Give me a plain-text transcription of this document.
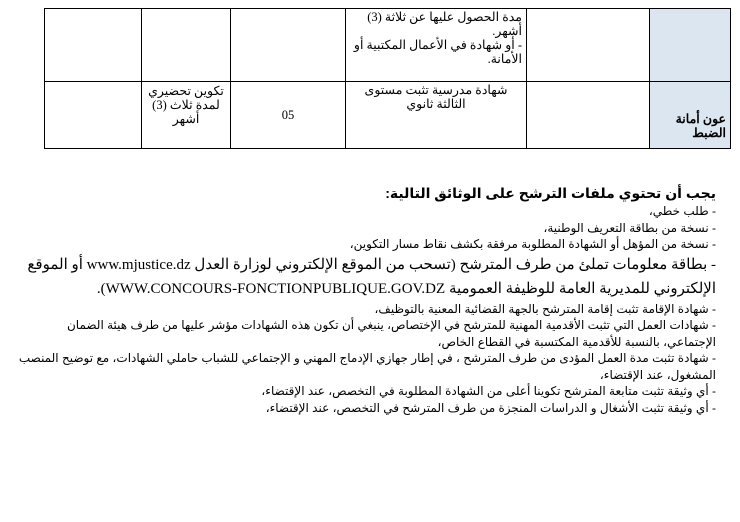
		مدة الحصول عليها عن ثلاثة (3) أشهر.
- أو شهادة في الأعمال المكتبية أو الأمانة.			
عون أمانة الضبط		شهادة مدرسية تثبت مستوى الثالثة ثانوي	05	تكوين تحضيري لمدة ثلاث (3) أشهر	
يجب أن تحتوي ملفات الترشح على الوثائق التالية:
- طلب خطي،
- نسخة من بطاقة التعريف الوطنية،
- نسخة من المؤهل أو الشهادة المطلوبة مرفقة بكشف نقاط مسار التكوين،
- بطاقة معلومات تملئ من طرف المترشح (تسحب من الموقع الإلكتروني لوزارة العدل www.mjustice.dz أو الموقع الإلكتروني للمديرية العامة للوظيفة العمومية WWW.CONCOURS-FONCTIONPUBLIQUE.GOV.DZ).
- شهادة الإقامة تثبت إقامة المترشح بالجهة القضائية المعنية بالتوظيف،
- شهادات العمل التي تثبت الأقدمية المهنية للمترشح في الإختصاص، ينبغي أن تكون هذه الشهادات مؤشر عليها من طرف هيئة الضمان الإجتماعي، بالنسبة للأقدمية المكتسبة في القطاع الخاص،
- شهادة تثبت مدة العمل المؤدى من طرف المترشح ، في إطار جهازي الإدماج المهني و الإجتماعي للشباب حاملي الشهادات، مع توضيح المنصب المشغول، عند الإقتضاء،
- أي وثيقة تثبت متابعة المترشح تكوينا أعلى من الشهادة المطلوبة في التخصص، عند الإقتضاء،
- أي وثيقة تثبت الأشغال و الدراسات المنجزة من طرف المترشح في التخصص، عند الإقتضاء،
